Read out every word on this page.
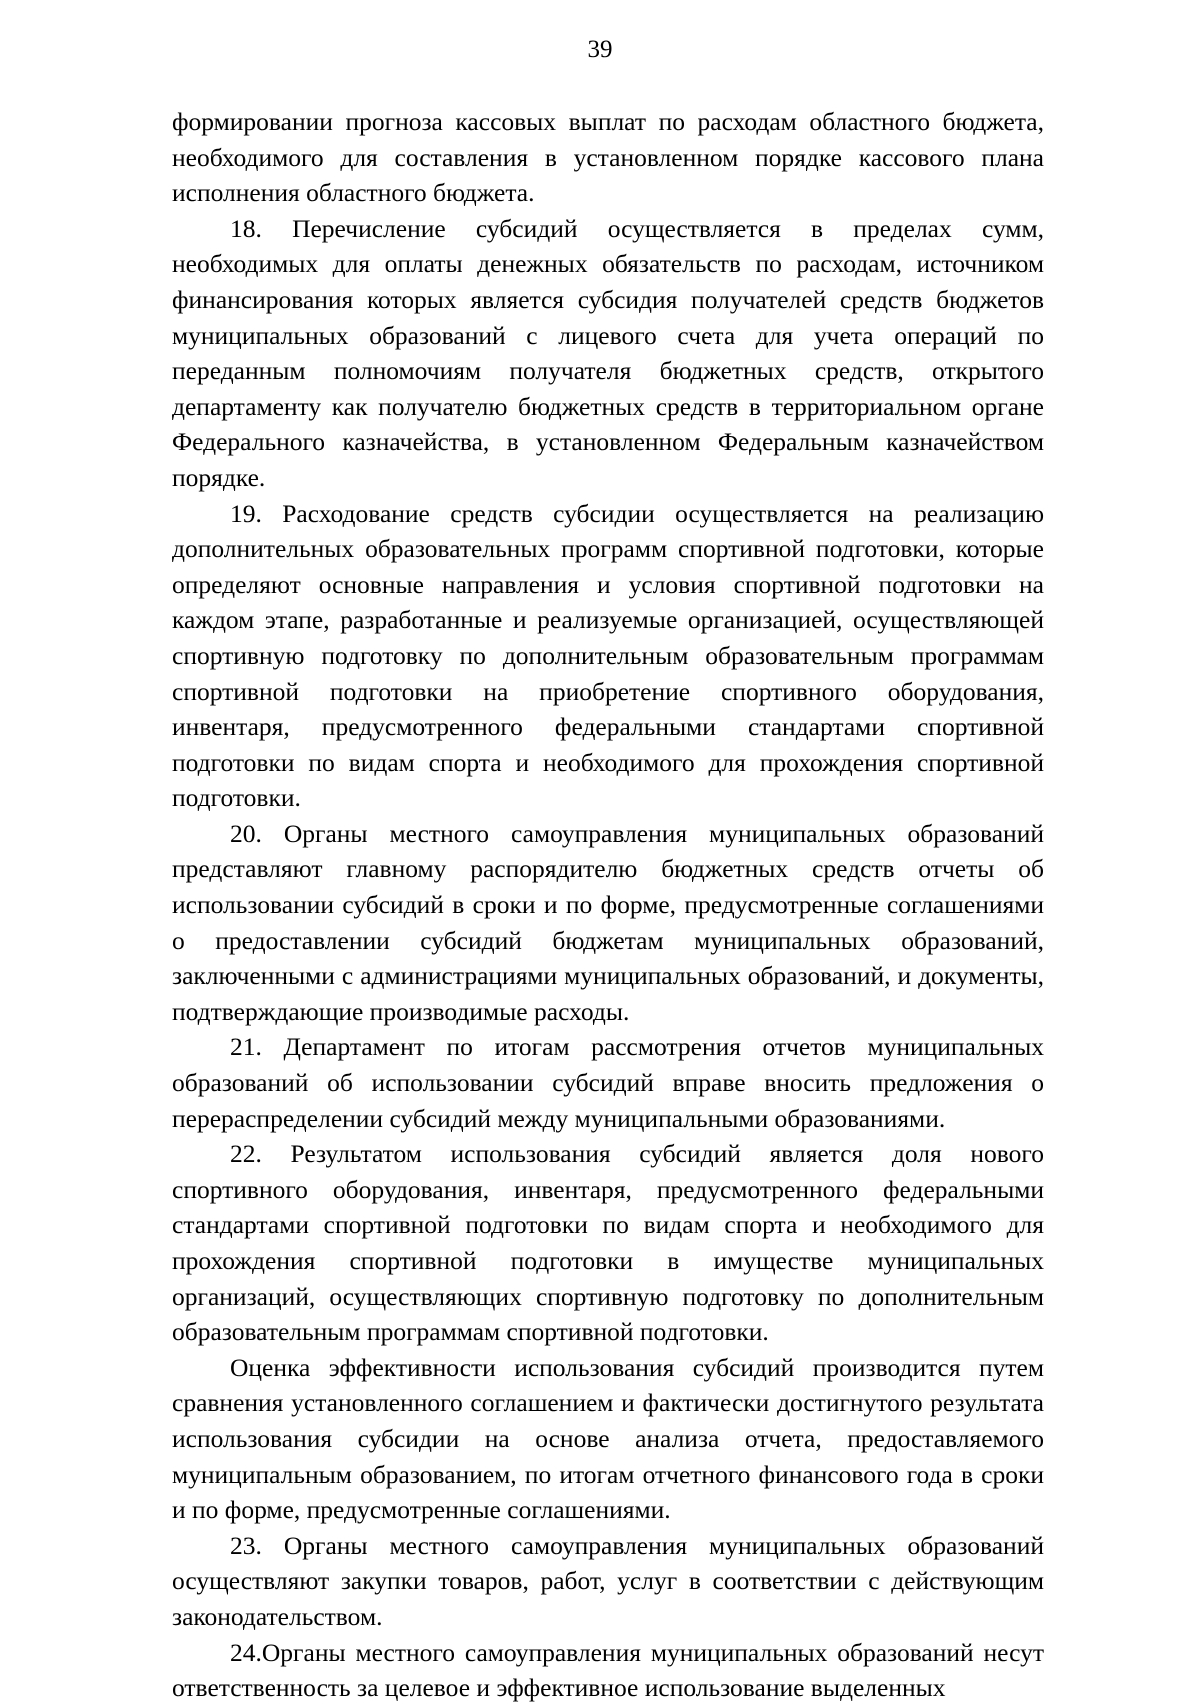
39

формировании прогноза кассовых выплат по расходам областного бюджета, необходимого для составления в установленном порядке кассового плана исполнения областного бюджета.

18. Перечисление субсидий осуществляется в пределах сумм, необходимых для оплаты денежных обязательств по расходам, источником финансирования которых является субсидия получателей средств бюджетов муниципальных образований с лицевого счета для учета операций по переданным полномочиям получателя бюджетных средств, открытого департаменту как получателю бюджетных средств в территориальном органе Федерального казначейства, в установленном Федеральным казначейством порядке.

19. Расходование средств субсидии осуществляется на реализацию дополнительных образовательных программ спортивной подготовки, которые определяют основные направления и условия спортивной подготовки на каждом этапе, разработанные и реализуемые организацией, осуществляющей спортивную подготовку по дополнительным образовательным программам спортивной подготовки на приобретение спортивного оборудования, инвентаря, предусмотренного федеральными стандартами спортивной подготовки по видам спорта и необходимого для прохождения спортивной подготовки.

20. Органы местного самоуправления муниципальных образований представляют главному распорядителю бюджетных средств отчеты об использовании субсидий в сроки и по форме, предусмотренные соглашениями о предоставлении субсидий бюджетам муниципальных образований, заключенными с администрациями муниципальных образований, и документы, подтверждающие производимые расходы.

21. Департамент по итогам рассмотрения отчетов муниципальных образований об использовании субсидий вправе вносить предложения о перераспределении субсидий между муниципальными образованиями.

22. Результатом использования субсидий является доля нового спортивного оборудования, инвентаря, предусмотренного федеральными стандартами спортивной подготовки по видам спорта и необходимого для прохождения спортивной подготовки в имуществе муниципальных организаций, осуществляющих спортивную подготовку по дополнительным образовательным программам спортивной подготовки.

Оценка эффективности использования субсидий производится путем сравнения установленного соглашением и фактически достигнутого результата использования субсидии на основе анализа отчета, предоставляемого муниципальным образованием, по итогам отчетного финансового года в сроки и по форме, предусмотренные соглашениями.

23. Органы местного самоуправления муниципальных образований осуществляют закупки товаров, работ, услуг в соответствии с действующим законодательством.

24.Органы местного самоуправления муниципальных образований несут ответственность за целевое и эффективное использование выделенных
